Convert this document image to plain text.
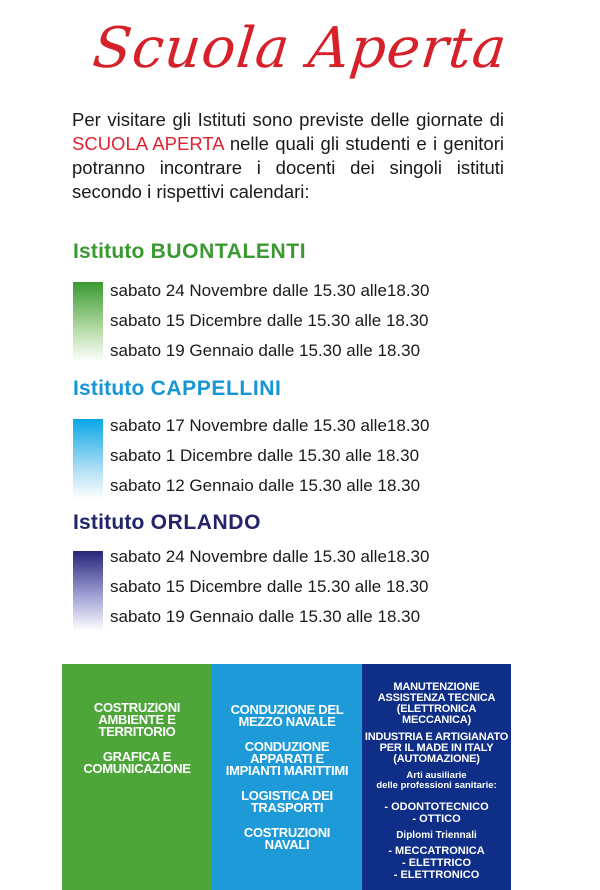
Scuola Aperta

Per visitare gli Istituti sono previste delle giornate di SCUOLA APERTA nelle quali gli studenti e i genitori potranno incontrare i docenti dei singoli istituti secondo i rispettivi calendari:

Istituto BUONTALENTI
sabato 24 Novembre dalle 15.30 alle18.30
sabato 15 Dicembre dalle 15.30 alle 18.30
sabato 19 Gennaio dalle 15.30 alle 18.30
Istituto CAPPELLINI
sabato 17 Novembre dalle 15.30 alle18.30
sabato 1 Dicembre dalle 15.30 alle 18.30
sabato 12 Gennaio dalle 15.30 alle 18.30
Istituto ORLANDO
sabato 24 Novembre dalle 15.30 alle18.30
sabato 15 Dicembre dalle 15.30 alle 18.30
sabato 19 Gennaio dalle 15.30 alle 18.30
COSTRUZIONI
AMBIENTE E
TERRITORIO
GRAFICA E
COMUNICAZIONE
CONDUZIONE DEL
MEZZO NAVALE
CONDUZIONE
APPARATI E
IMPIANTI MARITTIMI
LOGISTICA DEI
TRASPORTI
COSTRUZIONI
NAVALI
MANUTENZIONE
ASSISTENZA TECNICA
(ELETTRONICA MECCANICA)
INDUSTRIA E ARTIGIANATO
PER IL MADE IN ITALY
(AUTOMAZIONE)
Arti ausiliarie
delle professioni sanitarie:
- ODONTOTECNICO
- OTTICO
Diplomi Triennali
- MECCATRONICA
- ELETTRICO
- ELETTRONICO
